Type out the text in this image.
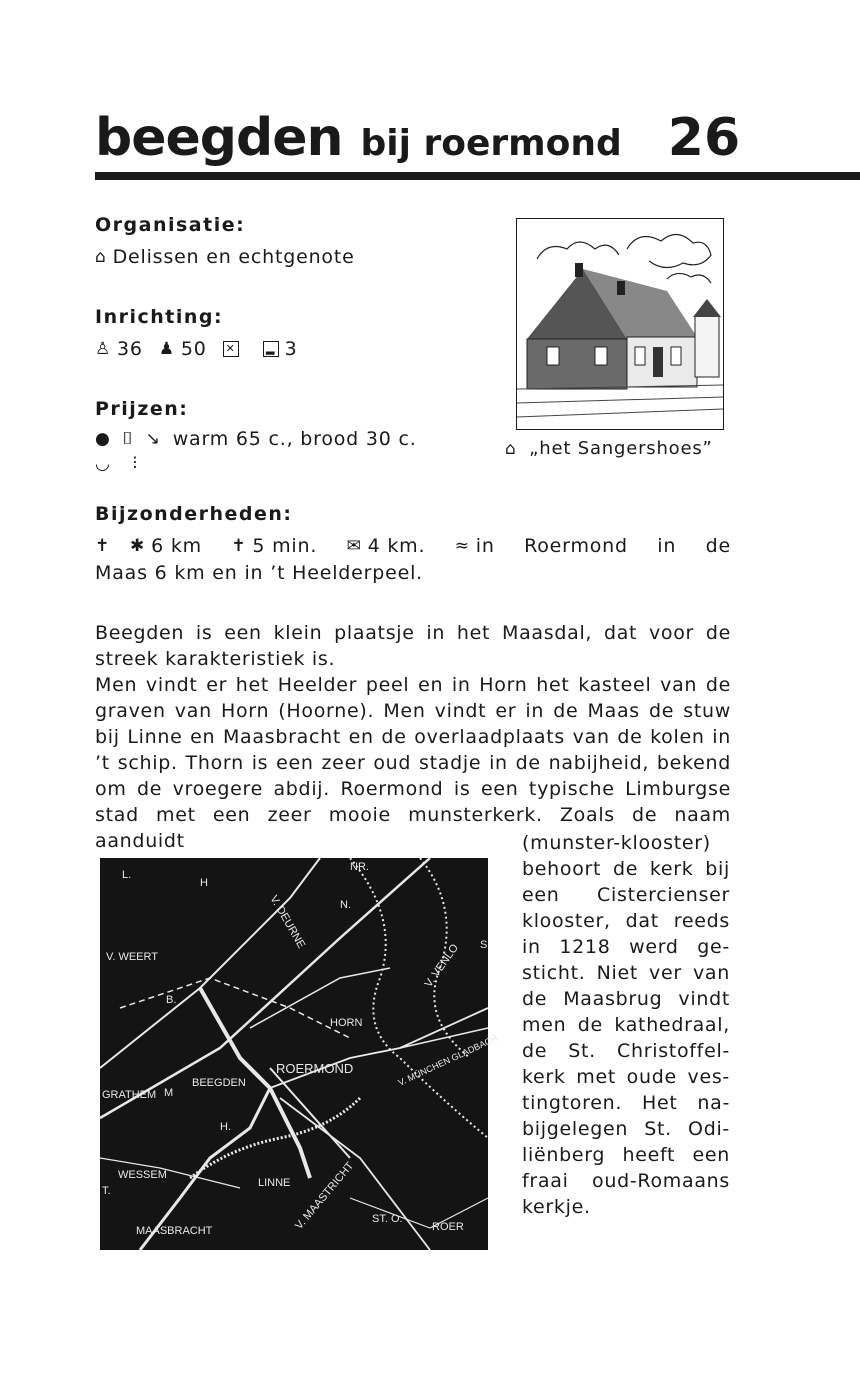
beegden bij roermond 26
Organisatie:
⌂ Delissen en echtgenote
Inrichting:
♙ 36 ♟ 50 ✕	▂ 3
Prijzen:
● ⌷ ↘ warm 65 c., brood 30 c.
◡ ⫶
⌂ „het Sangershoes”
Bijzonderheden:
✝ ✱ 6 km ✝ 5 min. ✉ 4 km. ≈ in Roermond in de
Maas 6 km en in ’t Heelderpeel.

Beegden is een klein plaatsje in het Maasdal, dat voor de streek karakteristiek is.

Men vindt er het Heelder peel en in Horn het kasteel van de graven van Horn (Hoorne). Men vindt er in de Maas de stuw bij Linne en Maasbracht en de overlaadplaats van de kolen in ’t schip. Thorn is een zeer oud stadje in de nabijheid, bekend om de vroegere abdij. Roermond is een typische Limburgse stad met een zeer mooie munsterkerk. Zoals de naam aanduidt	(munster-klooster) behoort de kerk bij een Cistercienser klooster, dat reeds in 1218 werd ge- sticht. Niet ver van de Maasbrug vindt men de kathedraal, de St. Christoffel- kerk met oude ves- tingtoren. Het na- bijgelegen St. Odi- liënberg heeft een fraai oud-Romaans kerkje.
L.
H
NR.
N.
V. WEERT
V. DEURNE
B.
HORN
V. VENLO S
ROERMOND
BEEGDEN
GRATHEM M
V. MÜNCHEN GLADBACH
H.
WESSEM
T.
LINNE V. MAASTRICHT
MAASBRACHT
ST. O.
ROER
